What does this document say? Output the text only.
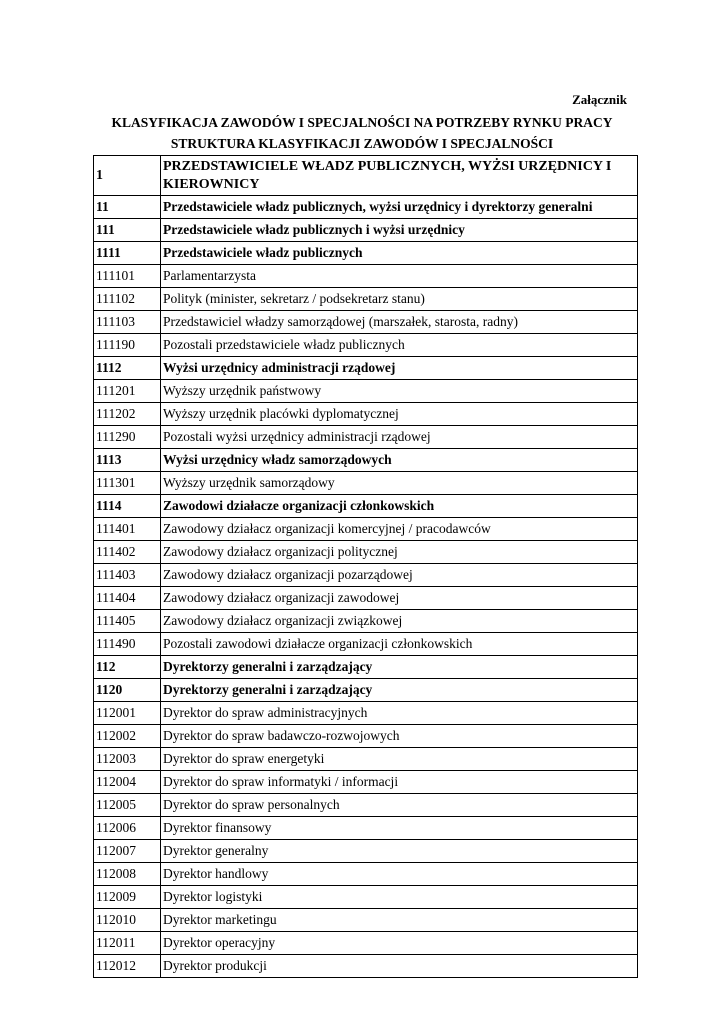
Załącznik
KLASYFIKACJA ZAWODÓW I SPECJALNOŚCI NA POTRZEBY RYNKU PRACY
STRUKTURA KLASYFIKACJI ZAWODÓW I SPECJALNOŚCI
1	PRZEDSTAWICIELE WŁADZ PUBLICZNYCH, WYŻSI URZĘDNICY I KIEROWNICY
11	Przedstawiciele władz publicznych, wyżsi urzędnicy i dyrektorzy generalni
111	Przedstawiciele władz publicznych i wyżsi urzędnicy
1111	Przedstawiciele władz publicznych
111101	Parlamentarzysta
111102	Polityk (minister, sekretarz / podsekretarz stanu)
111103	Przedstawiciel władzy samorządowej (marszałek, starosta, radny)
111190	Pozostali przedstawiciele władz publicznych
1112	Wyżsi urzędnicy administracji rządowej
111201	Wyższy urzędnik państwowy
111202	Wyższy urzędnik placówki dyplomatycznej
111290	Pozostali wyżsi urzędnicy administracji rządowej
1113	Wyżsi urzędnicy władz samorządowych
111301	Wyższy urzędnik samorządowy
1114	Zawodowi działacze organizacji członkowskich
111401	Zawodowy działacz organizacji komercyjnej / pracodawców
111402	Zawodowy działacz organizacji politycznej
111403	Zawodowy działacz organizacji pozarządowej
111404	Zawodowy działacz organizacji zawodowej
111405	Zawodowy działacz organizacji związkowej
111490	Pozostali zawodowi działacze organizacji członkowskich
112	Dyrektorzy generalni i zarządzający
1120	Dyrektorzy generalni i zarządzający
112001	Dyrektor do spraw administracyjnych
112002	Dyrektor do spraw badawczo-rozwojowych
112003	Dyrektor do spraw energetyki
112004	Dyrektor do spraw informatyki / informacji
112005	Dyrektor do spraw personalnych
112006	Dyrektor finansowy
112007	Dyrektor generalny
112008	Dyrektor handlowy
112009	Dyrektor logistyki
112010	Dyrektor marketingu
112011	Dyrektor operacyjny
112012	Dyrektor produkcji
